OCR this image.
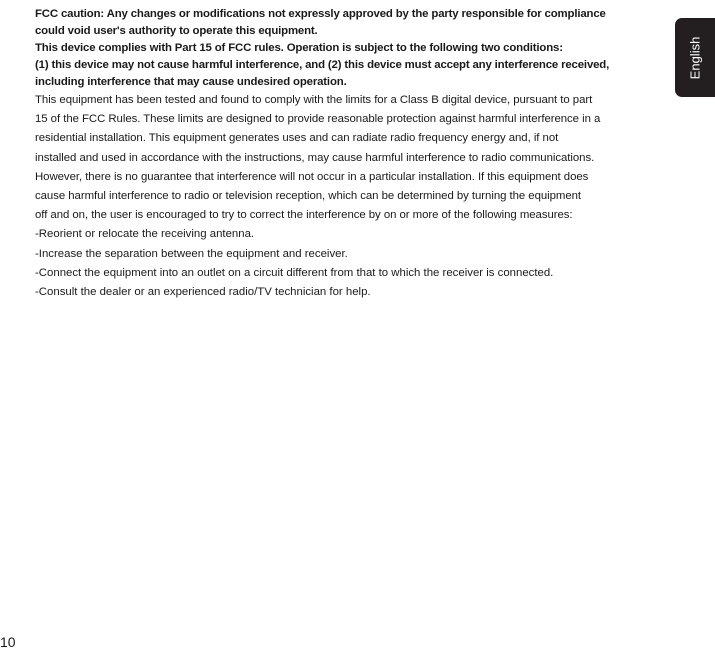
FCC caution: Any changes or modifications not expressly approved by the party responsible for compliance
could void user's authority to operate this equipment.
This device complies with Part 15 of FCC rules. Operation is subject to the following two conditions:
(1) this device may not cause harmful interference, and (2) this device must accept any interference received,
including interference that may cause undesired operation.
This equipment has been tested and found to comply with the limits for a Class B digital device, pursuant to part
15 of the FCC Rules. These limits are designed to provide reasonable protection against harmful interference in a
residential installation. This equipment generates uses and can radiate radio frequency energy and, if not
installed and used in accordance with the instructions, may cause harmful interference to radio communications.
However, there is no guarantee that interference will not occur in a particular installation. If this equipment does
cause harmful interference to radio or television reception, which can be determined by turning the equipment
off and on, the user is encouraged to try to correct the interference by on or more of the following measures:
-Reorient or relocate the receiving antenna.
-Increase the separation between the equipment and receiver.
-Connect the equipment into an outlet on a circuit different from that to which the receiver is connected.
-Consult the dealer or an experienced radio/TV technician for help.
English
10
